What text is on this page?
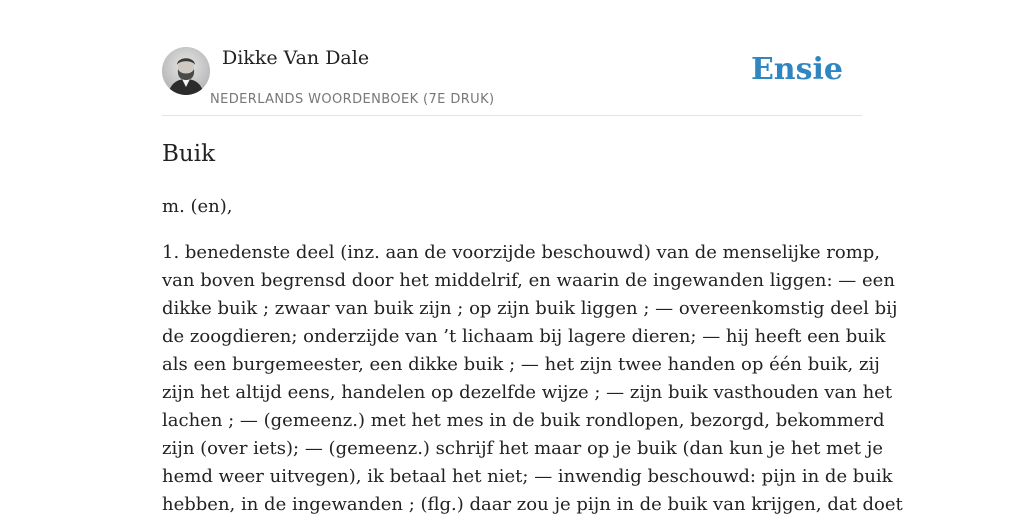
Dikke Van Dale
NEDERLANDS WOORDENBOEK (7E DRUK)
Ensie
Buik
m. (en),
1. benedenste deel (inz. aan de voorzijde beschouwd) van de menselijke romp,
van boven begrensd door het middelrif, en waarin de ingewanden liggen: — een
dikke buik ; zwaar van buik zijn ; op zijn buik liggen ; — overeenkomstig deel bij
de zoogdieren; onderzijde van ’t lichaam bij lagere dieren; — hij heeft een buik
als een burgemeester, een dikke buik ; — het zijn twee handen op één buik, zij
zijn het altijd eens, handelen op dezelfde wijze ; — zijn buik vasthouden van het
lachen ; — (gemeenz.) met het mes in de buik rondlopen, bezorgd, bekommerd
zijn (over iets); — (gemeenz.) schrijf het maar op je buik (dan kun je het met je
hemd weer uitvegen), ik betaal het niet; — inwendig beschouwd: pijn in de buik
hebben, in de ingewanden ; (flg.) daar zou je pijn in de buik van krijgen, dat doet
